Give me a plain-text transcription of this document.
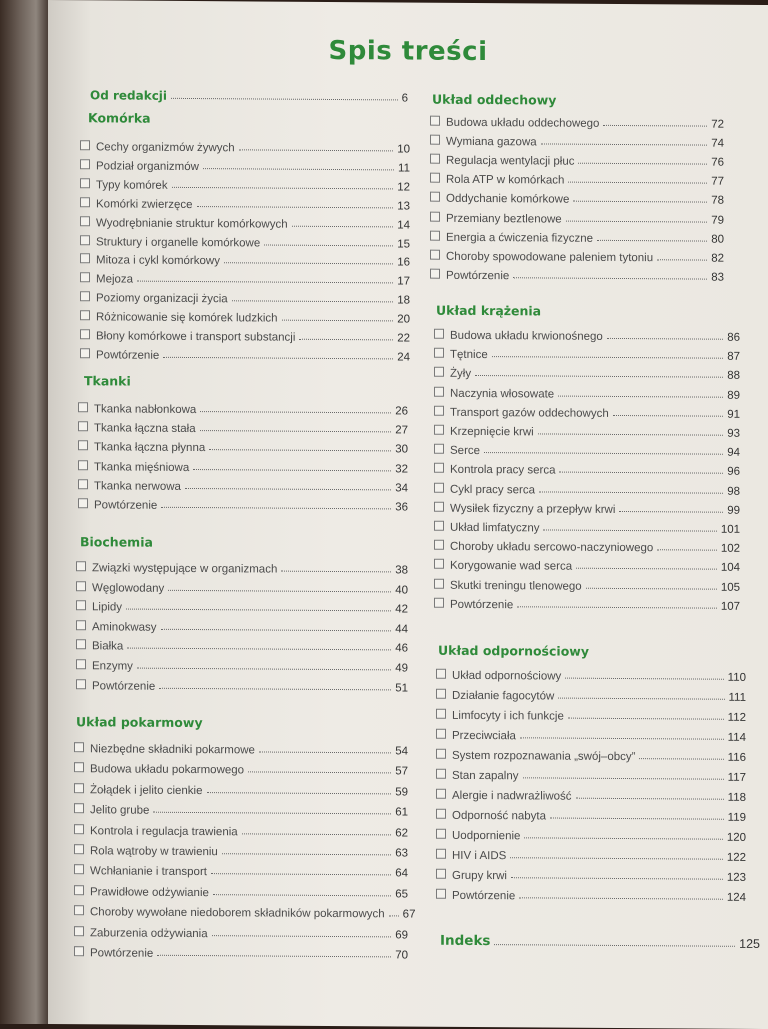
Spis treści
Od redakcji	6
Komórka
Cechy organizmów żywych	10
Podział organizmów	11
Typy komórek	12
Komórki zwierzęce	13
Wyodrębnianie struktur komórkowych	14
Struktury i organelle komórkowe	15
Mitoza i cykl komórkowy	16
Mejoza	17
Poziomy organizacji życia	18
Różnicowanie się komórek ludzkich	20
Błony komórkowe i transport substancji	22
Powtórzenie	24
Tkanki
Tkanka nabłonkowa	26
Tkanka łączna stała	27
Tkanka łączna płynna	30
Tkanka mięśniowa	32
Tkanka nerwowa	34
Powtórzenie	36
Biochemia
Związki występujące w organizmach	38
Węglowodany	40
Lipidy	42
Aminokwasy	44
Białka	46
Enzymy	49
Powtórzenie	51
Układ pokarmowy
Niezbędne składniki pokarmowe	54
Budowa układu pokarmowego	57
Żołądek i jelito cienkie	59
Jelito grube	61
Kontrola i regulacja trawienia	62
Rola wątroby w trawieniu	63
Wchłanianie i transport	64
Prawidłowe odżywianie	65
Choroby wywołane niedoborem składników pokarmowych 67
Zaburzenia odżywiania	69
Powtórzenie	70
Układ oddechowy
Budowa układu oddechowego	72
Wymiana gazowa	74
Regulacja wentylacji płuc	76
Rola ATP w komórkach	77
Oddychanie komórkowe	78
Przemiany beztlenowe	79
Energia a ćwiczenia fizyczne	80
Choroby spowodowane paleniem tytoniu	82
Powtórzenie	83
Układ krążenia
Budowa układu krwionośnego	86
Tętnice	87
Żyły	88
Naczynia włosowate	89
Transport gazów oddechowych	91
Krzepnięcie krwi	93
Serce	94
Kontrola pracy serca	96
Cykl pracy serca	98
Wysiłek fizyczny a przepływ krwi	99
Układ limfatyczny	101
Choroby układu sercowo-naczyniowego	102
Korygowanie wad serca	104
Skutki treningu tlenowego	105
Powtórzenie	107
Układ odpornościowy
Układ odpornościowy	110
Działanie fagocytów	111
Limfocyty i ich funkcje	112
Przeciwciała	114
System rozpoznawania „swój–obcy”	116
Stan zapalny	117
Alergie i nadwrażliwość	118
Odporność nabyta	119
Uodpornienie	120
HIV i AIDS	122
Grupy krwi	123
Powtórzenie	124
Indeks	125
